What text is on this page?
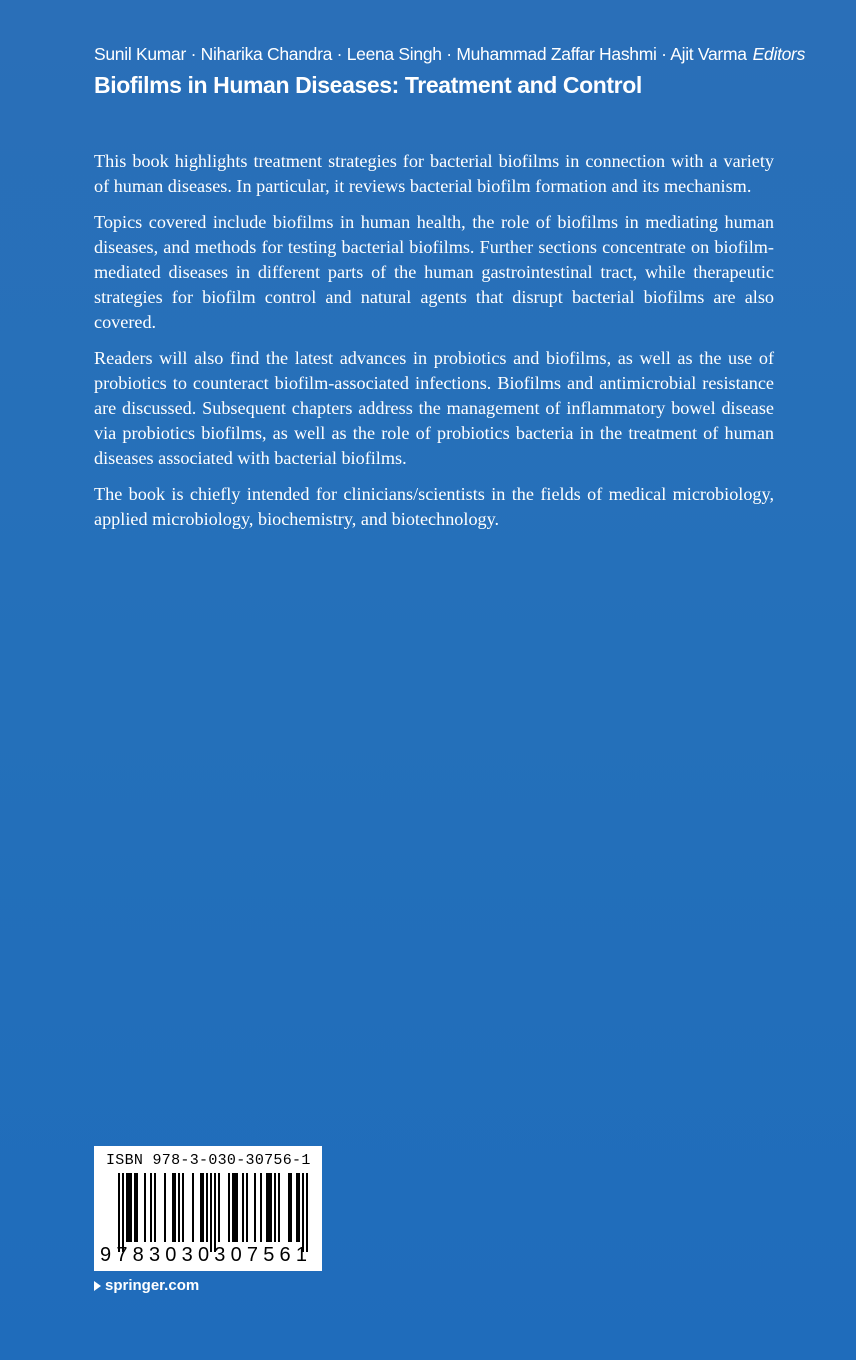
Sunil Kumar · Niharika Chandra · Leena Singh · Muhammad Zaffar Hashmi · Ajit Varma Editors
Biofilms in Human Diseases: Treatment and Control

This book highlights treatment strategies for bacterial biofilms in connection with a variety of human diseases. In particular, it reviews bacterial biofilm formation and its mechanism.

Topics covered include biofilms in human health, the role of biofilms in mediating human diseases, and methods for testing bacterial biofilms. Further sections concentrate on biofilm-mediated diseases in different parts of the human gastrointestinal tract, while therapeutic strategies for biofilm control and natural agents that disrupt bacterial biofilms are also covered.

Readers will also find the latest advances in probiotics and biofilms, as well as the use of probiotics to counteract biofilm-associated infections. Biofilms and antimicrobial resistance are discussed. Subsequent chapters address the management of inflammatory bowel disease via probiotics biofilms, as well as the role of probiotics bacteria in the treatment of human diseases associated with bacterial biofilms.

The book is chiefly intended for clinicians/scientists in the fields of medical microbiology, applied microbiology, biochemistry, and biotechnology.

ISBN 978-3-030-30756-1
9783030307561
springer.com
